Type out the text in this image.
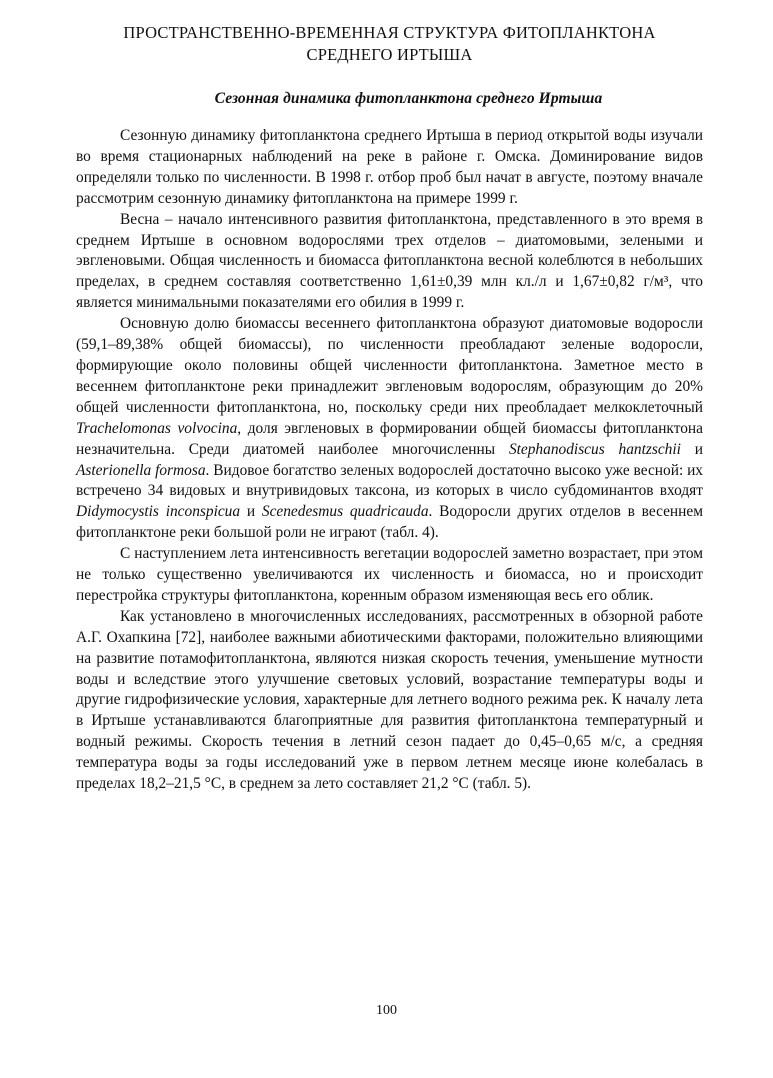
ПРОСТРАНСТВЕННО-ВРЕМЕННАЯ СТРУКТУРА ФИТОПЛАНКТОНА
СРЕДНЕГО ИРТЫША
Сезонная динамика фитопланктона среднего Иртыша

Сезонную динамику фитопланктона среднего Иртыша в период открытой воды изучали во время стационарных наблюдений на реке в районе г. Омска. Доминирование видов определяли только по численности. В 1998 г. отбор проб был начат в августе, поэтому вначале рассмотрим сезонную динамику фитопланктона на примере 1999 г.

Весна – начало интенсивного развития фитопланктона, представленного в это время в среднем Иртыше в основном водорослями трех отделов – диатомовыми, зелеными и эвгленовыми. Общая численность и биомасса фитопланктона весной колеблются в небольших пределах, в среднем составляя соответственно 1,61±0,39 млн кл./л и 1,67±0,82 г/м³, что является минимальными показателями его обилия в 1999 г.

Основную долю биомассы весеннего фитопланктона образуют диатомовые водоросли (59,1–89,38% общей биомассы), по численности преобладают зеленые водоросли, формирующие около половины общей численности фитопланктона. Заметное место в весеннем фитопланктоне реки принадлежит эвгленовым водорослям, образующим до 20% общей численности фитопланктона, но, поскольку среди них преобладает мелкоклеточный Trachelomonas volvocina, доля эвгленовых в формировании общей биомассы фитопланктона незначительна. Среди диатомей наиболее многочисленны Stephanodiscus hantzschii и Asterionella formosa. Видовое богатство зеленых водорослей достаточно высоко уже весной: их встречено 34 видовых и внутривидовых таксона, из которых в число субдоминантов входят Didymocystis inconspicua и Scenedesmus quadricauda. Водоросли других отделов в весеннем фитопланктоне реки большой роли не играют (табл. 4).

С наступлением лета интенсивность вегетации водорослей заметно возрастает, при этом не только существенно увеличиваются их численность и биомасса, но и происходит перестройка структуры фитопланктона, коренным образом изменяющая весь его облик.

Как установлено в многочисленных исследованиях, рассмотренных в обзорной работе А.Г. Охапкина [72], наиболее важными абиотическими факторами, положительно влияющими на развитие потамофитопланктона, являются низкая скорость течения, уменьшение мутности воды и вследствие этого улучшение световых условий, возрастание температуры воды и другие гидрофизические условия, характерные для летнего водного режима рек. К началу лета в Иртыше устанавливаются благоприятные для развития фитопланктона температурный и водный режимы. Скорость течения в летний сезон падает до 0,45–0,65 м/с, а средняя температура воды за годы исследований уже в первом летнем месяце июне колебалась в пределах 18,2–21,5 °С, в среднем за лето составляет 21,2 °С (табл. 5).

100
